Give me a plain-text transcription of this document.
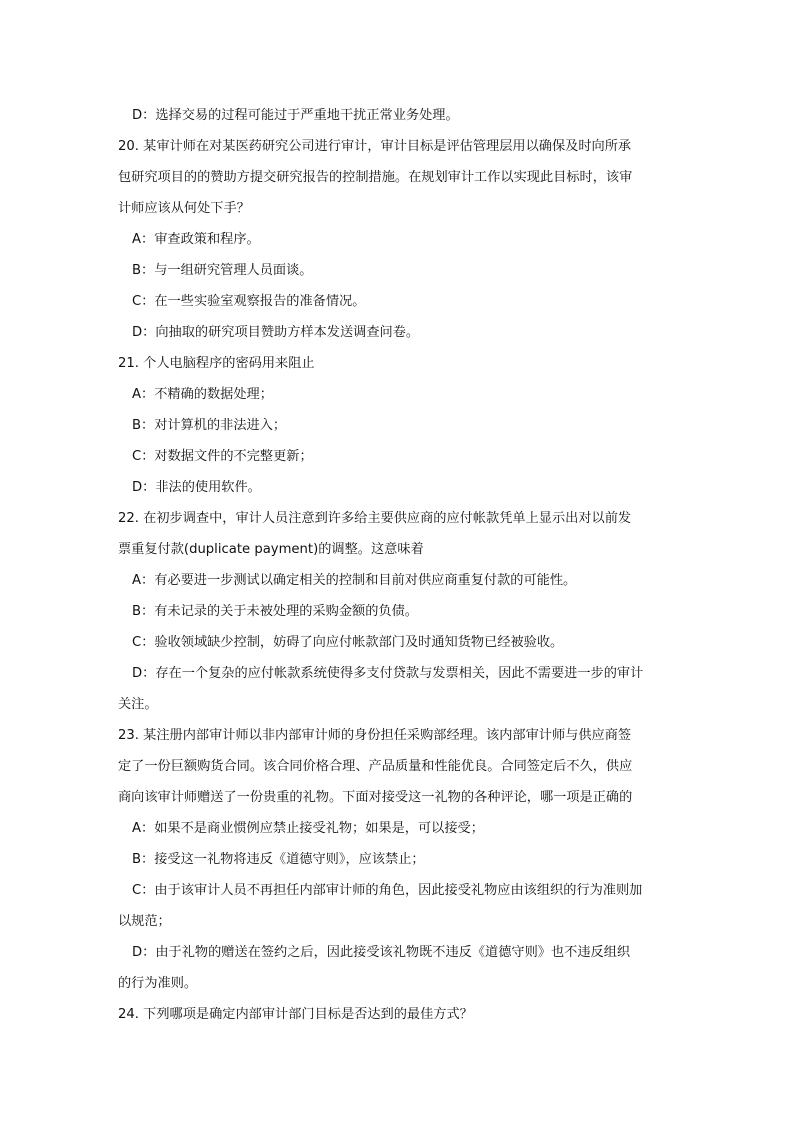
D：选择交易的过程可能过于严重地干扰正常业务处理。
20. 某审计师在对某医药研究公司进行审计，审计目标是评估管理层用以确保及时向所承
包研究项目的的赞助方提交研究报告的控制措施。在规划审计工作以实现此目标时，该审
计师应该从何处下手？
A：审查政策和程序。
B：与一组研究管理人员面谈。
C：在一些实验室观察报告的准备情况。
D：向抽取的研究项目赞助方样本发送调查问卷。
21. 个人电脑程序的密码用来阻止
A：不精确的数据处理；
B：对计算机的非法进入；
C：对数据文件的不完整更新；
D：非法的使用软件。
22. 在初步调查中，审计人员注意到许多给主要供应商的应付帐款凭单上显示出对以前发
票重复付款(duplicate payment)的调整。这意味着
A：有必要进一步测试以确定相关的控制和目前对供应商重复付款的可能性。
B：有未记录的关于未被处理的采购金额的负债。
C：验收领域缺少控制，妨碍了向应付帐款部门及时通知货物已经被验收。
D：存在一个复杂的应付帐款系统使得多支付贷款与发票相关，因此不需要进一步的审计
关注。
23. 某注册内部审计师以非内部审计师的身份担任采购部经理。该内部审计师与供应商签
定了一份巨额购货合同。该合同价格合理、产品质量和性能优良。合同签定后不久，供应
商向该审计师赠送了一份贵重的礼物。下面对接受这一礼物的各种评论，哪一项是正确的
A：如果不是商业惯例应禁止接受礼物；如果是，可以接受；
B：接受这一礼物将违反《道德守则》，应该禁止；
C：由于该审计人员不再担任内部审计师的角色，因此接受礼物应由该组织的行为准则加
以规范；
D：由于礼物的赠送在签约之后，因此接受该礼物既不违反《道德守则》也不违反组织
的行为准则。
24. 下列哪项是确定内部审计部门目标是否达到的最佳方式？
